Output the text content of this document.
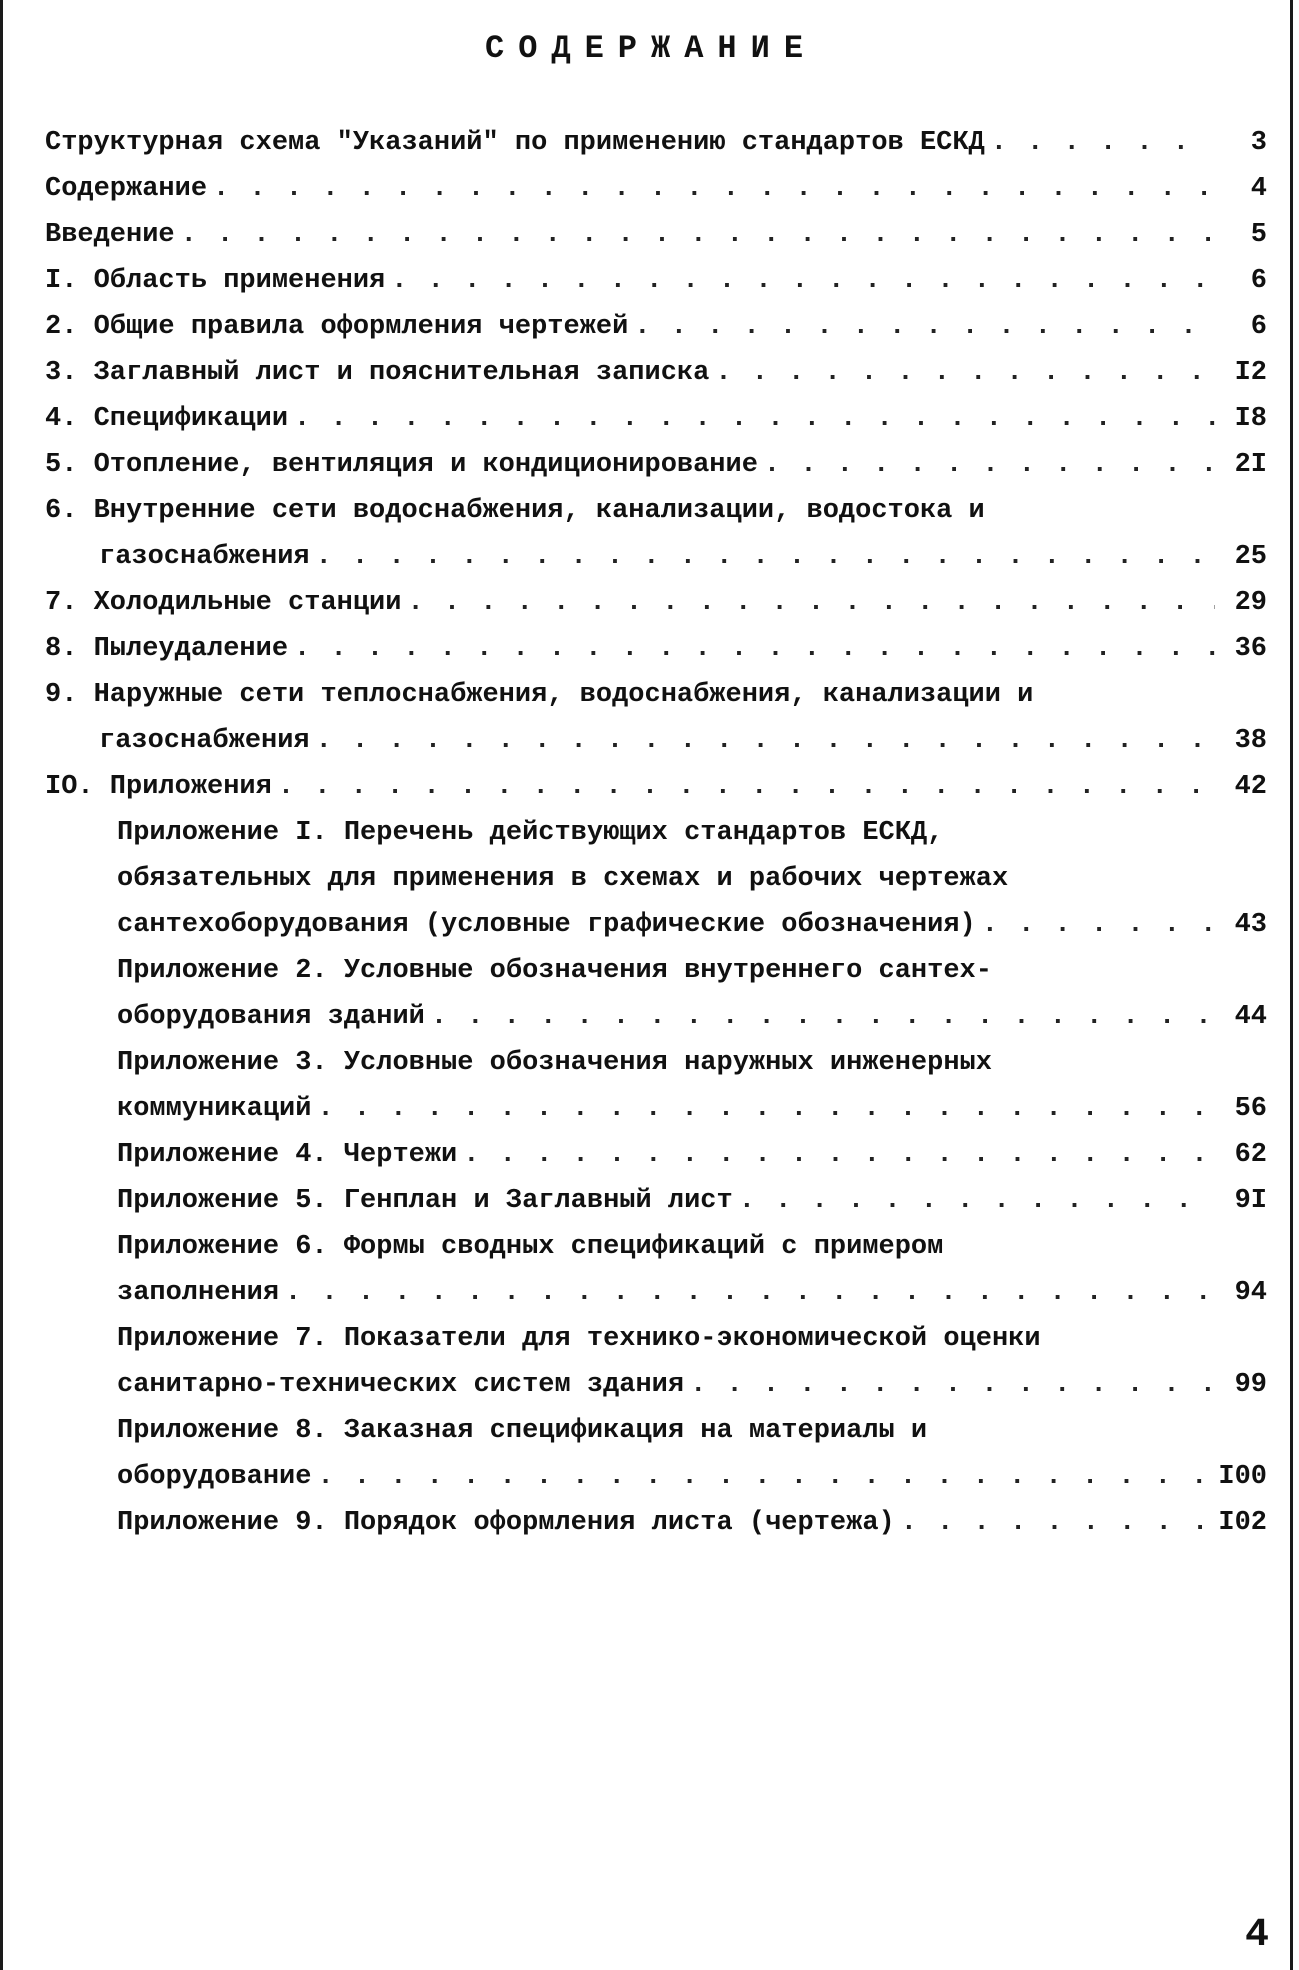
СОДЕРЖАНИЕ
Структурная схема "Указаний" по применению стандартов ЕСКД . . .	3
Содержание . . .	4
Введение . . .	5
I. Область применения . . .	6
2. Общие правила оформления чертежей . . .	6
3. Заглавный лист и пояснительная записка . . .	I2
4. Спецификации . . .	I8
5. Отопление, вентиляция и кондиционирование . . .	2I
6. Внутренние сети водоснабжения, канализации, водостока и
газоснабжения . . .	25
7. Холодильные станции . . .	29
8. Пылеудаление . . .	36
9. Наружные сети теплоснабжения, водоснабжения, канализации и
газоснабжения . . .	38
IO. Приложения . . .	42
Приложение I. Перечень действующих стандартов ЕСКД,
обязательных для применения в схемах и рабочих чертежах
сантехоборудования (условные графические обозначения) . . .	43
Приложение 2. Условные обозначения внутреннего сантех-
оборудования зданий . . .	44
Приложение 3. Условные обозначения наружных инженерных
коммуникаций . . .	56
Приложение 4. Чертежи . . .	62
Приложение 5. Генплан и Заглавный лист . . .	9I
Приложение 6. Формы сводных спецификаций с примером
заполнения . . .	94
Приложение 7. Показатели для технико-экономической оценки
санитарно-технических систем здания . . .	99
Приложение 8. Заказная спецификация на материалы и
оборудование . . .	I00
Приложение 9. Порядок оформления листа (чертежа) . . .	I02
4
